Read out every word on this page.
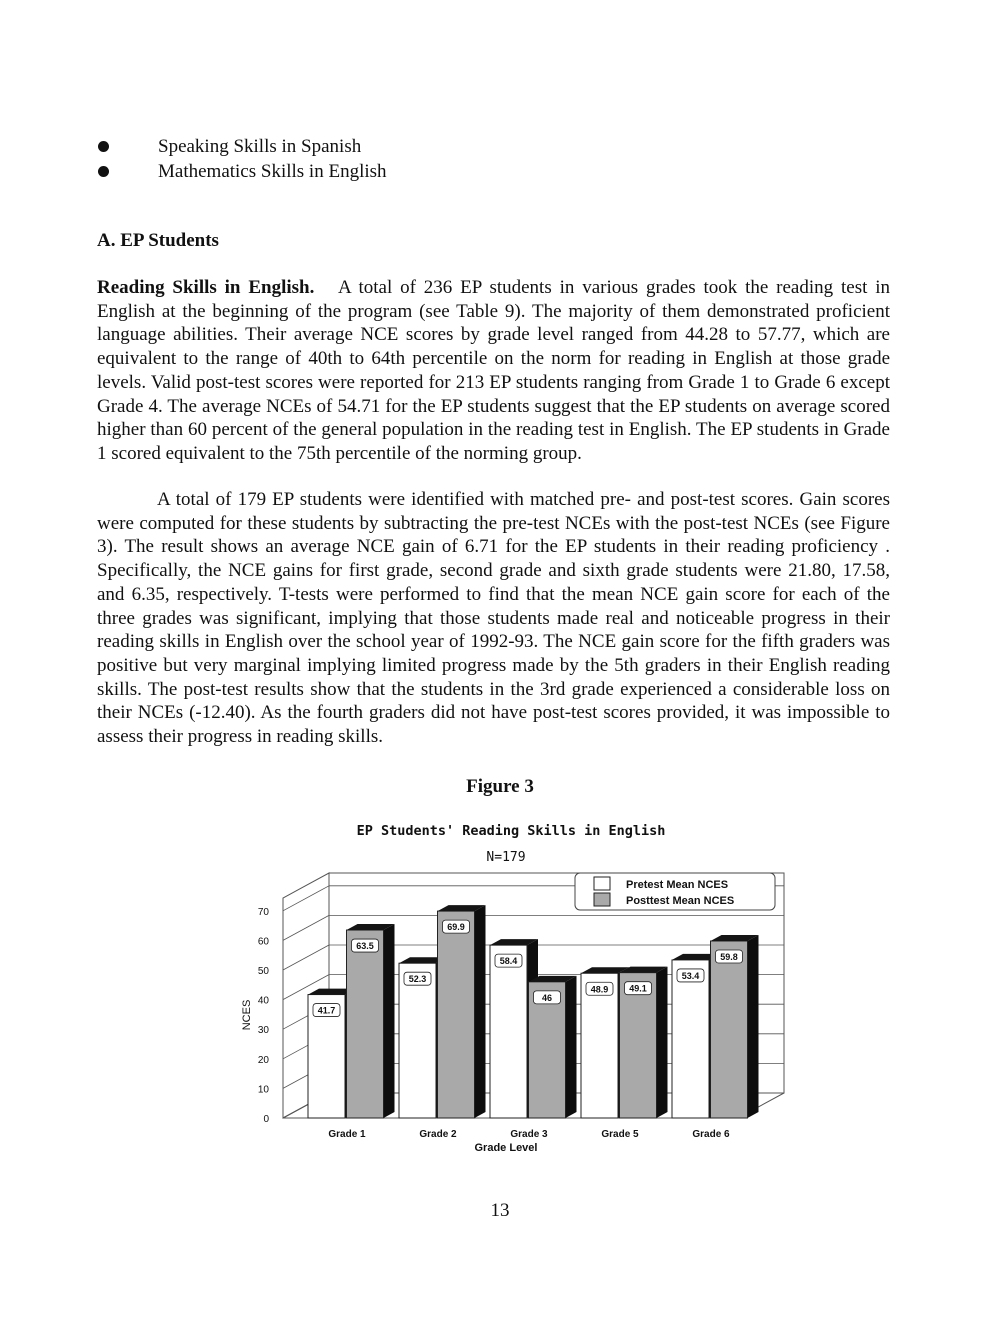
Speaking Skills in Spanish
Mathematics Skills in English
A. EP Students

Reading Skills in English. A total of 236 EP students in various grades took the reading test in English at the beginning of the program (see Table 9). The majority of them demonstrated proficient language abilities. Their average NCE scores by grade level ranged from 44.28 to 57.77, which are equivalent to the range of 40th to 64th percentile on the norm for reading in English at those grade levels. Valid post-test scores were reported for 213 EP students ranging from Grade 1 to Grade 6 except Grade 4. The average NCEs of 54.71 for the EP students suggest that the EP students on average scored higher than 60 percent of the general population in the reading test in English. The EP students in Grade 1 scored equivalent to the 75th percentile of the norming group.

A total of 179 EP students were identified with matched pre- and post-test scores. Gain scores were computed for these students by subtracting the pre-test NCEs with the post-test NCEs (see Figure 3). The result shows an average NCE gain of 6.71 for the EP students in their reading proficiency . Specifically, the NCE gains for first grade, second grade and sixth grade students were 21.80, 17.58, and 6.35, respectively. T-tests were performed to find that the mean NCE gain score for each of the three grades was significant, implying that those students made real and noticeable progress in their reading skills in English over the school year of 1992-93. The NCE gain score for the fifth graders was positive but very marginal implying limited progress made by the 5th graders in their English reading skills. The post-test results show that the students in the 3rd grade experienced a considerable loss on their NCEs (-12.40). As the fourth graders did not have post-test scores provided, it was impossible to assess their progress in reading skills.

Figure 3
EP Students' Reading Skills in English
N=179
0
10
20
30
40
50
60
70
NCES	41.7
63.5
Grade 1
52.3
69.9
Grade 2
58.4
46
Grade 3
48.9 49.1
Grade 5
53.4
59.8
Grade 6
Grade Level
Pretest Mean NCES
Posttest Mean NCES
13
